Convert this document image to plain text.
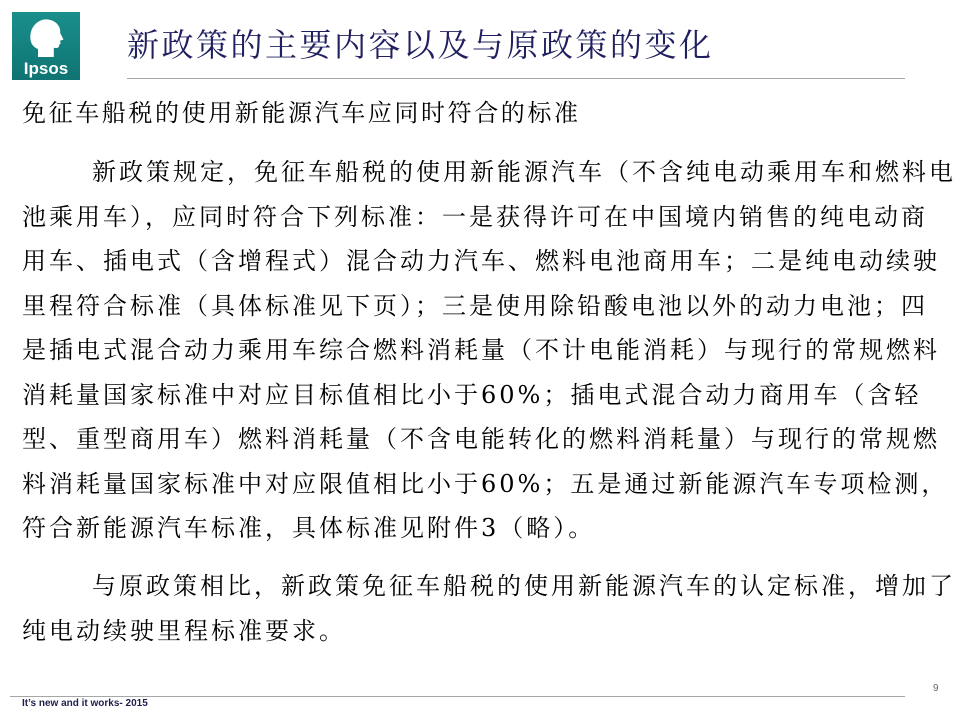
Ipsos
新政策的主要内容以及与原政策的变化
免征车船税的使用新能源汽车应同时符合的标准
新政策规定，免征车船税的使用新能源汽车（不含纯电动乘用车和燃料电
池乘用车），应同时符合下列标准：一是获得许可在中国境内销售的纯电动商
用车、插电式（含增程式）混合动力汽车、燃料电池商用车；二是纯电动续驶
里程符合标准（具体标准见下页）；三是使用除铅酸电池以外的动力电池；四
是插电式混合动力乘用车综合燃料消耗量（不计电能消耗）与现行的常规燃料
消耗量国家标准中对应目标值相比小于60%；插电式混合动力商用车（含轻
型、重型商用车）燃料消耗量（不含电能转化的燃料消耗量）与现行的常规燃
料消耗量国家标准中对应限值相比小于60%；五是通过新能源汽车专项检测，
符合新能源汽车标准，具体标准见附件3（略）。
与原政策相比，新政策免征车船税的使用新能源汽车的认定标准，增加了
纯电动续驶里程标准要求。
It’s new and it works- 2015
9
